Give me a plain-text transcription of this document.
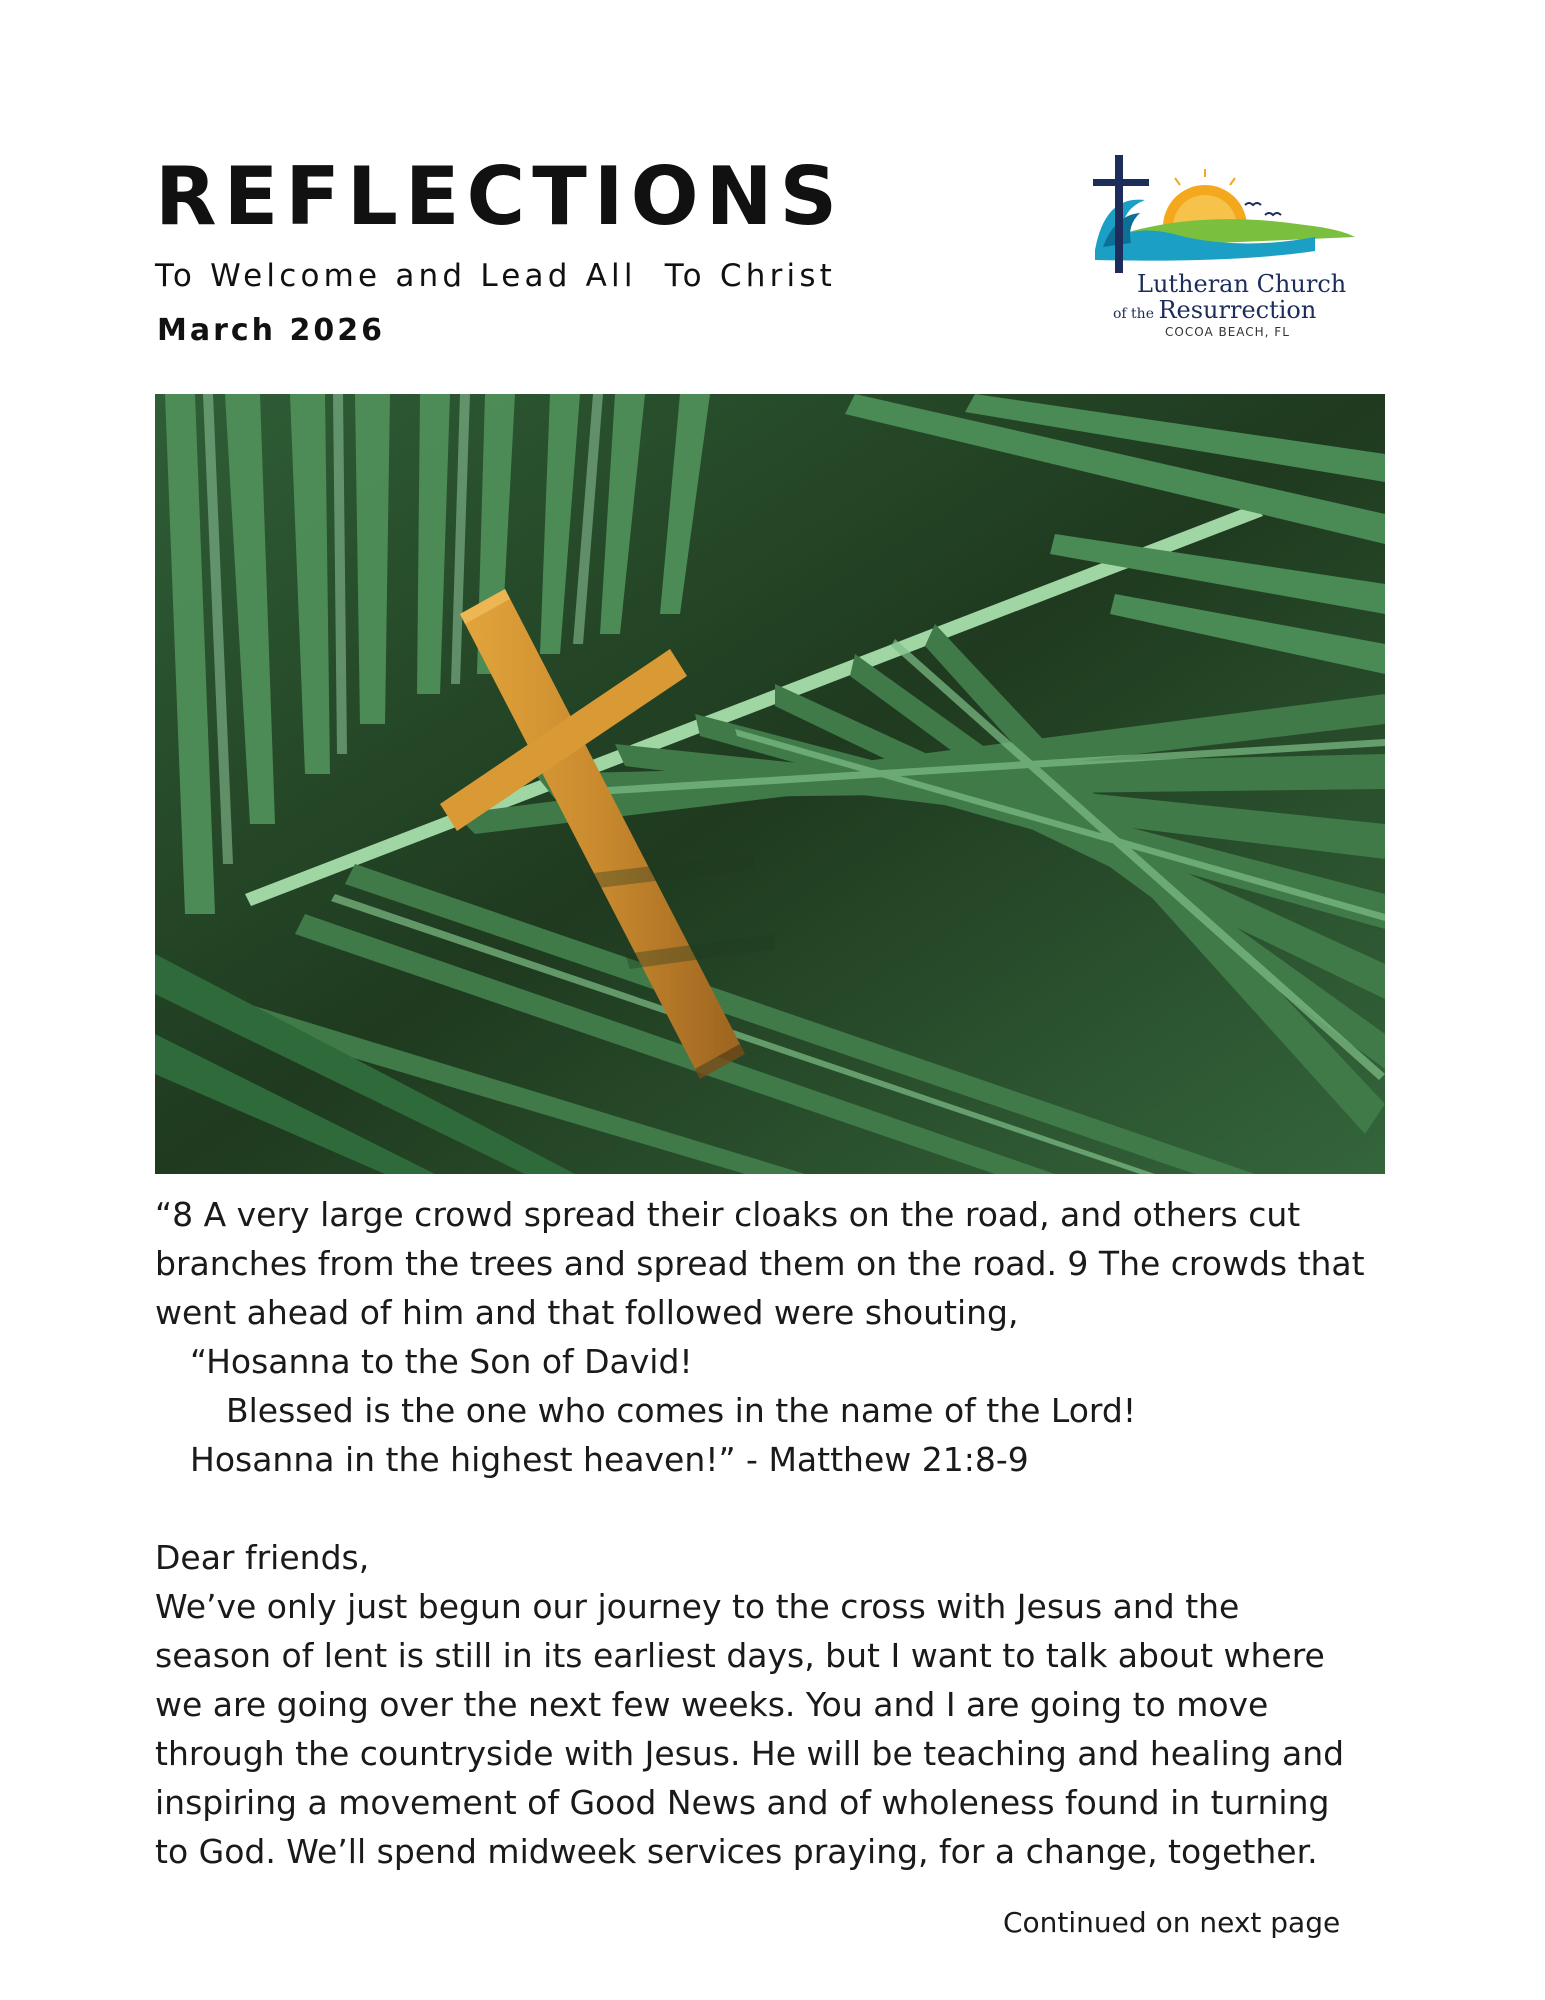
REFLECTIONS
To Welcome and Lead All  To Christ
March 2026
Lutheran Church
of the Resurrection
COCOA BEACH, FL
“8 A very large crowd spread their cloaks on the road, and others cut
branches from the trees and spread them on the road. 9 The crowds that
went ahead of him and that followed were shouting,
“Hosanna to the Son of David!
Blessed is the one who comes in the name of the Lord!
Hosanna in the highest heaven!” - Matthew 21:8-9
Dear friends,
We’ve only just begun our journey to the cross with Jesus and the
season of lent is still in its earliest days, but I want to talk about where
we are going over the next few weeks. You and I are going to move
through the countryside with Jesus. He will be teaching and healing and
inspiring a movement of Good News and of wholeness found in turning
to God. We’ll spend midweek services praying, for a change, together.
Continued on next page
